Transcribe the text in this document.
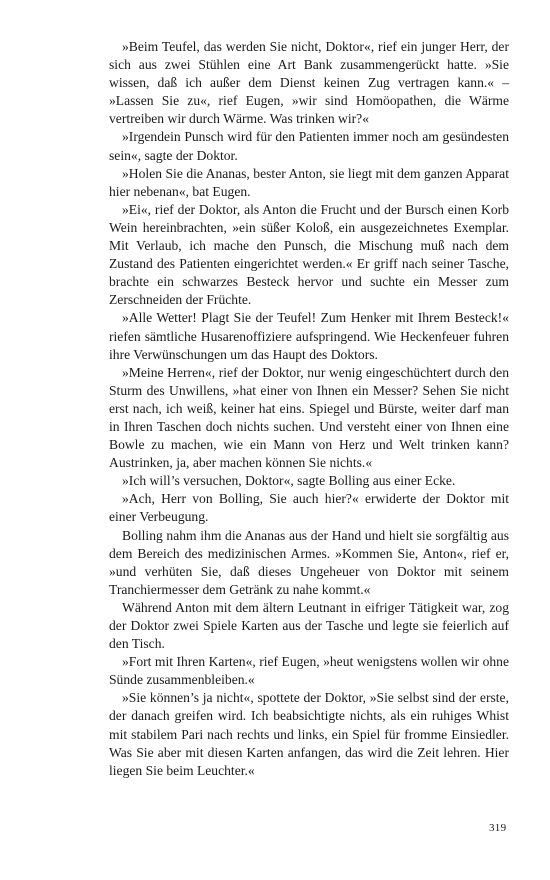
»Beim Teufel, das werden Sie nicht, Doktor«, rief ein junger Herr, der sich aus zwei Stühlen eine Art Bank zusammengerückt hatte. »Sie wissen, daß ich außer dem Dienst keinen Zug vertragen kann.« – »Lassen Sie zu«, rief Eugen, »wir sind Homöopathen, die Wärme vertreiben wir durch Wärme. Was trinken wir?«

»Irgendein Punsch wird für den Patienten immer noch am gesündesten sein«, sagte der Doktor.

»Holen Sie die Ananas, bester Anton, sie liegt mit dem ganzen Apparat hier nebenan«, bat Eugen.

»Ei«, rief der Doktor, als Anton die Frucht und der Bursch einen Korb Wein hereinbrachten, »ein süßer Koloß, ein ausgezeichnetes Exemplar. Mit Verlaub, ich mache den Punsch, die Mischung muß nach dem Zustand des Patienten eingerichtet werden.« Er griff nach seiner Tasche, brachte ein schwarzes Besteck hervor und suchte ein Messer zum Zerschneiden der Früchte.

»Alle Wetter! Plagt Sie der Teufel! Zum Henker mit Ihrem Besteck!« riefen sämtliche Husarenoffiziere aufspringend. Wie Heckenfeuer fuhren ihre Verwünschungen um das Haupt des Doktors.

»Meine Herren«, rief der Doktor, nur wenig eingeschüchtert durch den Sturm des Unwillens, »hat einer von Ihnen ein Messer? Sehen Sie nicht erst nach, ich weiß, keiner hat eins. Spiegel und Bürste, weiter darf man in Ihren Taschen doch nichts suchen. Und versteht einer von Ihnen eine Bowle zu machen, wie ein Mann von Herz und Welt trinken kann? Austrinken, ja, aber machen können Sie nichts.«

»Ich will’s versuchen, Doktor«, sagte Bolling aus einer Ecke.

»Ach, Herr von Bolling, Sie auch hier?« erwiderte der Doktor mit einer Verbeugung.

Bolling nahm ihm die Ananas aus der Hand und hielt sie sorgfältig aus dem Bereich des medizinischen Armes. »Kommen Sie, Anton«, rief er, »und verhüten Sie, daß dieses Ungeheuer von Doktor mit seinem Tranchiermesser dem Getränk zu nahe kommt.«

Während Anton mit dem ältern Leutnant in eifriger Tätigkeit war, zog der Doktor zwei Spiele Karten aus der Tasche und legte sie feierlich auf den Tisch.

»Fort mit Ihren Karten«, rief Eugen, »heut wenigstens wollen wir ohne Sünde zusammenbleiben.«

»Sie können’s ja nicht«, spottete der Doktor, »Sie selbst sind der erste, der danach greifen wird. Ich beabsichtigte nichts, als ein ruhiges Whist mit stabilem Pari nach rechts und links, ein Spiel für fromme Einsiedler. Was Sie aber mit diesen Karten anfangen, das wird die Zeit lehren. Hier liegen Sie beim Leuchter.«

319
